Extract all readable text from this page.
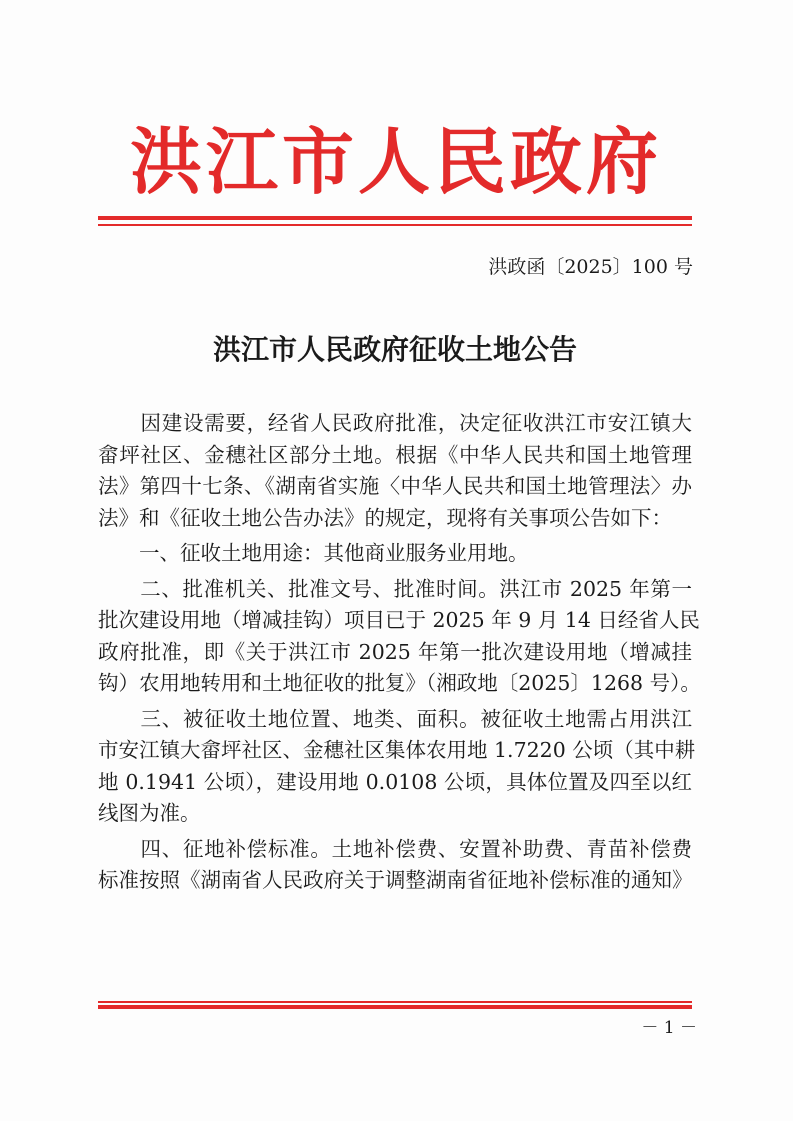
洪江市人民政府
洪政函〔2025〕100 号
洪江市人民政府征收土地公告
　　因建设需要，经省人民政府批准，决定征收洪江市安江镇大
畲坪社区、金穗社区部分土地。根据《中华人民共和国土地管理
法》第四十七条、《湖南省实施〈中华人民共和国土地管理法〉办
法》和《征收土地公告办法》的规定，现将有关事项公告如下：
　　一、征收土地用途：其他商业服务业用地。
　　二、批准机关、批准文号、批准时间。洪江市 2025 年第一
批次建设用地（增减挂钩）项目已于 2025 年 9 月 14 日经省人民
政府批准，即《关于洪江市 2025 年第一批次建设用地（增减挂
钩）农用地转用和土地征收的批复》（湘政地〔2025〕1268 号）。
　　三、被征收土地位置、地类、面积。被征收土地需占用洪江
市安江镇大畲坪社区、金穗社区集体农用地 1.7220 公顷（其中耕
地 0.1941 公顷），建设用地 0.0108 公顷，具体位置及四至以红
线图为准。
　　四、征地补偿标准。土地补偿费、安置补助费、青苗补偿费
标准按照《湖南省人民政府关于调整湖南省征地补偿标准的通知》
－ 1 －
